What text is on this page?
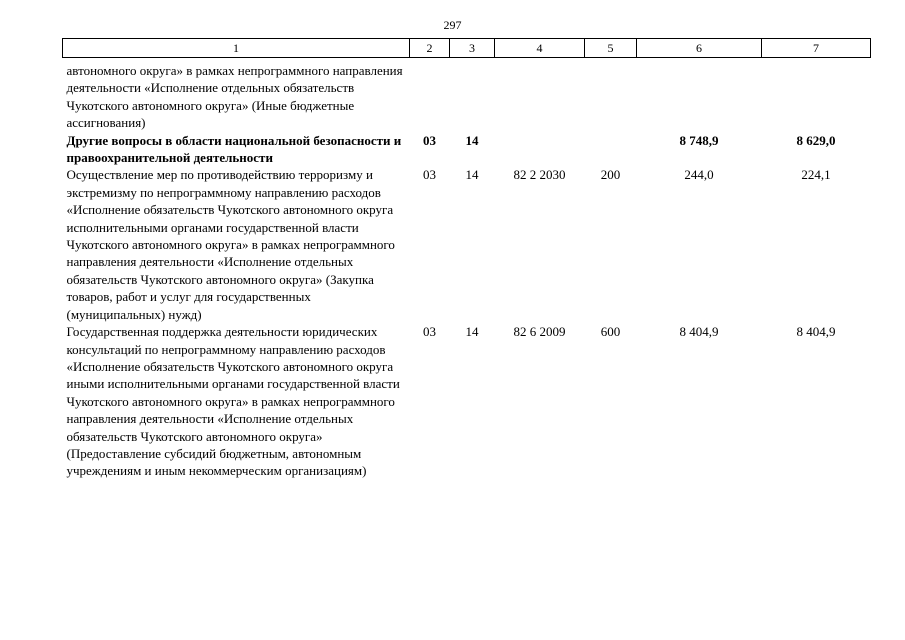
297
1	2	3	4	5	6	7
автономного округа» в рамках непрограммного направления деятельности «Исполнение отдельных обязательств Чукотского автономного округа» (Иные бюджетные ассигнования)						
Другие вопросы в области национальной безопасности и правоохранительной деятельности	03	14			8 748,9	8 629,0
Осуществление мер по противодействию терроризму и экстремизму по непрограммному направлению расходов «Исполнение обязательств Чукотского автономного округа исполнительными органами государственной власти Чукотского автономного округа» в рамках непрограммного направления деятельности «Исполнение отдельных обязательств Чукотского автономного округа» (Закупка товаров, работ и услуг для государственных (муниципальных) нужд)	03	14	82 2 2030	200	244,0	224,1
Государственная поддержка деятельности юридических консультаций по непрограммному направлению расходов «Исполнение обязательств Чукотского автономного округа иными исполнительными органами государственной власти Чукотского автономного округа» в рамках непрограммного направления деятельности «Исполнение отдельных обязательств Чукотского автономного округа» (Предоставление субсидий бюджетным, автономным учреждениям и иным некоммерческим организациям)	03	14	82 6 2009	600	8 404,9	8 404,9
